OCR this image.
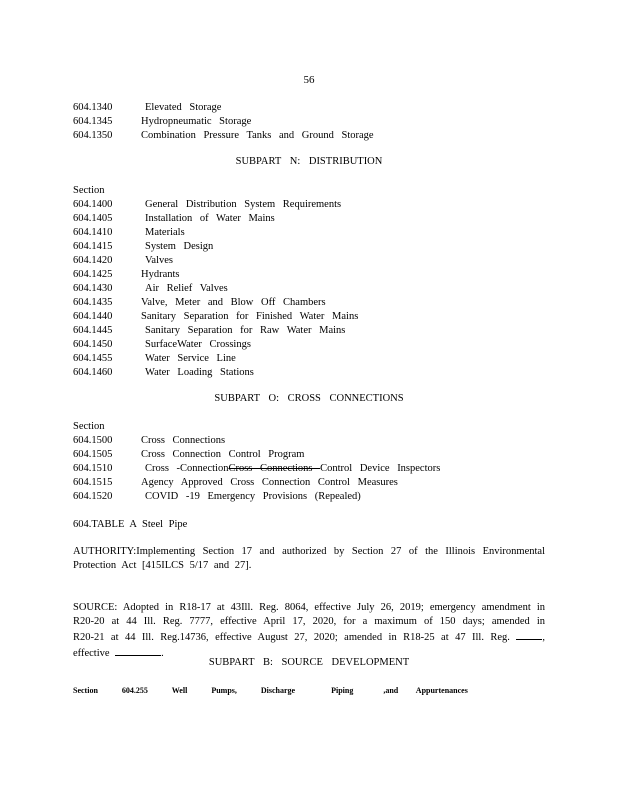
56
604.1340	Elevated Storage
604.1345	Hydropneumatic Storage
604.1350	Combination Pressure Tanks and Ground Storage
SUBPART N: DISTRIBUTION
Section
604.1400	General Distribution System Requirements
604.1405	Installation of Water Mains
604.1410	Materials
604.1415	System Design
604.1420	Valves
604.1425	Hydrants
604.1430	Air Relief Valves
604.1435	Valve, Meter and Blow Off Chambers
604.1440	Sanitary Separation for Finished Water Mains
604.1445	Sanitary Separation for Raw Water Mains
604.1450	SurfaceWater Crossings
604.1455	Water Service Line
604.1460	Water Loading Stations
SUBPART O: CROSS CONNECTIONS
Section
604.1500	Cross Connections
604.1505	Cross Connection Control Program
604.1510	Cross -ConnectionCross Connections Control Device Inspectors
604.1515	Agency Approved Cross Connection Control Measures
604.1520	COVID -19 Emergency Provisions (Repealed)
604.TABLE A Steel Pipe
AUTHORITY:Implementing Section 17 and authorized by Section 27 of the Illinois Environmental Protection Act [415ILCS 5/17 and 27].
SOURCE: Adopted in R18-17 at 43Ill. Reg. 8064, effective July 26, 2019; emergency amendment in R20-20 at 44 Ill. Reg. 7777, effective April 17, 2020, for a maximum of 150 days; amended in R20-21 at 44 Ill. Reg.14736, effective August 27, 2020; amended in R18-25 at 47 Ill. Reg.	, effective	.
SUBPART B: SOURCE DEVELOPMENT
Section	604.255	Well	Pumps,	Discharge	Piping	,and Appurtenances
